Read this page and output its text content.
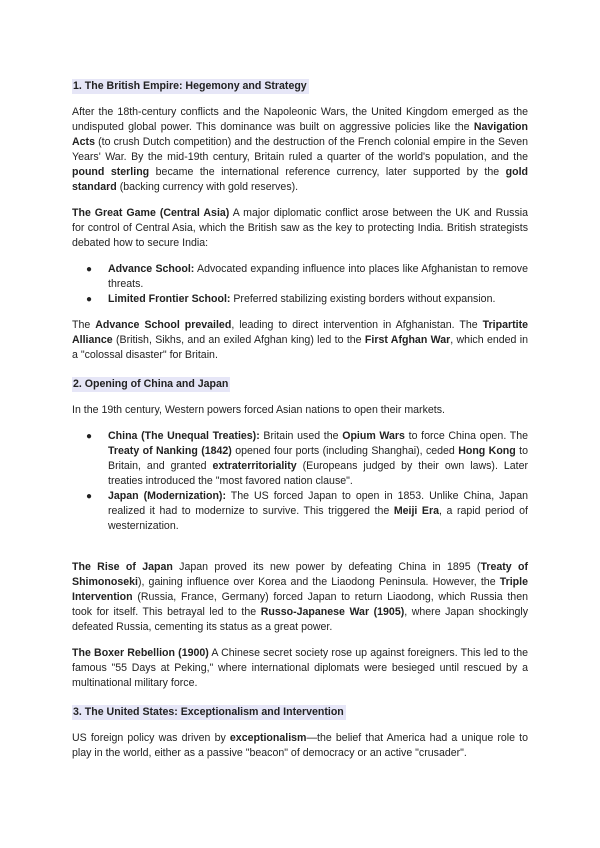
1. The British Empire: Hegemony and Strategy

After the 18th-century conflicts and the Napoleonic Wars, the United Kingdom emerged as the undisputed global power. This dominance was built on aggressive policies like the Navigation Acts (to crush Dutch competition) and the destruction of the French colonial empire in the Seven Years' War. By the mid-19th century, Britain ruled a quarter of the world's population, and the pound sterling became the international reference currency, later supported by the gold standard (backing currency with gold reserves).

The Great Game (Central Asia) A major diplomatic conflict arose between the UK and Russia for control of Central Asia, which the British saw as the key to protecting India. British strategists debated how to secure India:

● Advance School: Advocated expanding influence into places like Afghanistan to remove threats.
● Limited Frontier School: Preferred stabilizing existing borders without expansion.

The Advance School prevailed, leading to direct intervention in Afghanistan. The Tripartite Alliance (British, Sikhs, and an exiled Afghan king) led to the First Afghan War, which ended in a "colossal disaster" for Britain.

2. Opening of China and Japan

In the 19th century, Western powers forced Asian nations to open their markets.

● China (The Unequal Treaties): Britain used the Opium Wars to force China open. The Treaty of Nanking (1842) opened four ports (including Shanghai), ceded Hong Kong to Britain, and granted extraterritoriality (Europeans judged by their own laws). Later treaties introduced the "most favored nation clause".
● Japan (Modernization): The US forced Japan to open in 1853. Unlike China, Japan realized it had to modernize to survive. This triggered the Meiji Era, a rapid period of westernization.

The Rise of Japan Japan proved its new power by defeating China in 1895 (Treaty of Shimonoseki), gaining influence over Korea and the Liaodong Peninsula. However, the Triple Intervention (Russia, France, Germany) forced Japan to return Liaodong, which Russia then took for itself. This betrayal led to the Russo-Japanese War (1905), where Japan shockingly defeated Russia, cementing its status as a great power.

The Boxer Rebellion (1900) A Chinese secret society rose up against foreigners. This led to the famous "55 Days at Peking," where international diplomats were besieged until rescued by a multinational military force.

3. The United States: Exceptionalism and Intervention

US foreign policy was driven by exceptionalism—the belief that America had a unique role to play in the world, either as a passive "beacon" of democracy or an active "crusader".
